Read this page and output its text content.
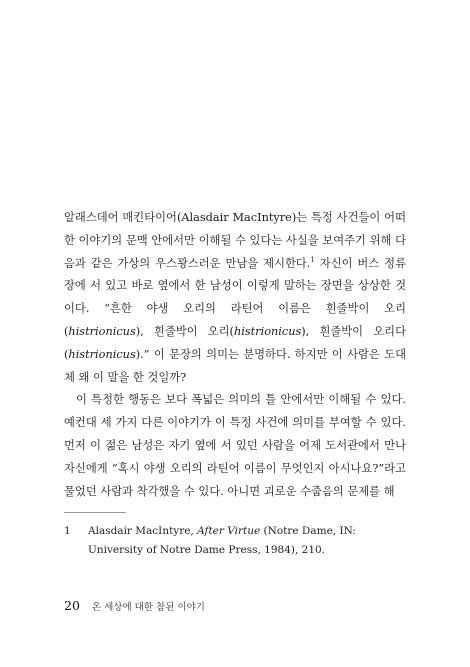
알래스데어 매킨타이어(Alasdair MacIntyre)는 특정 사건들이 어떠한 이야기의 문맥 안에서만 이해될 수 있다는 사실을 보여주기 위해 다음과 같은 가상의 우스꽝스러운 만남을 제시한다.$^1$ 자신이 버스 정류장에 서 있고 바로 옆에서 한 남성이 이렇게 말하는 장면을 상상한 것이다. “흔한 야생 오리의 라틴어 이름은 흰줄박이 오리(histrionicus), 흰줄박이 오리(histrionicus), 흰줄박이 오리다(histrionicus).” 이 문장의 의미는 분명하다. 하지만 이 사람은 도대체 왜 이 말을 한 것일까?

이 특정한 행동은 보다 폭넓은 의미의 틀 안에서만 이해될 수 있다. 예컨대 세 가지 다른 이야기가 이 특정 사건에 의미를 부여할 수 있다. 먼저 이 젊은 남성은 자기 옆에 서 있던 사람을 어제 도서관에서 만나 자신에게 “혹시 야생 오리의 라틴어 이름이 무엇인지 아시나요?”라고 물었던 사람과 착각했을 수 있다. 아니면 괴로운 수줍음의 문제를 해

1	Alasdair MacIntyre, After Virtue (Notre Dame, IN: University of Notre Dame Press, 1984), 210.
20 온 세상에 대한 참된 이야기
